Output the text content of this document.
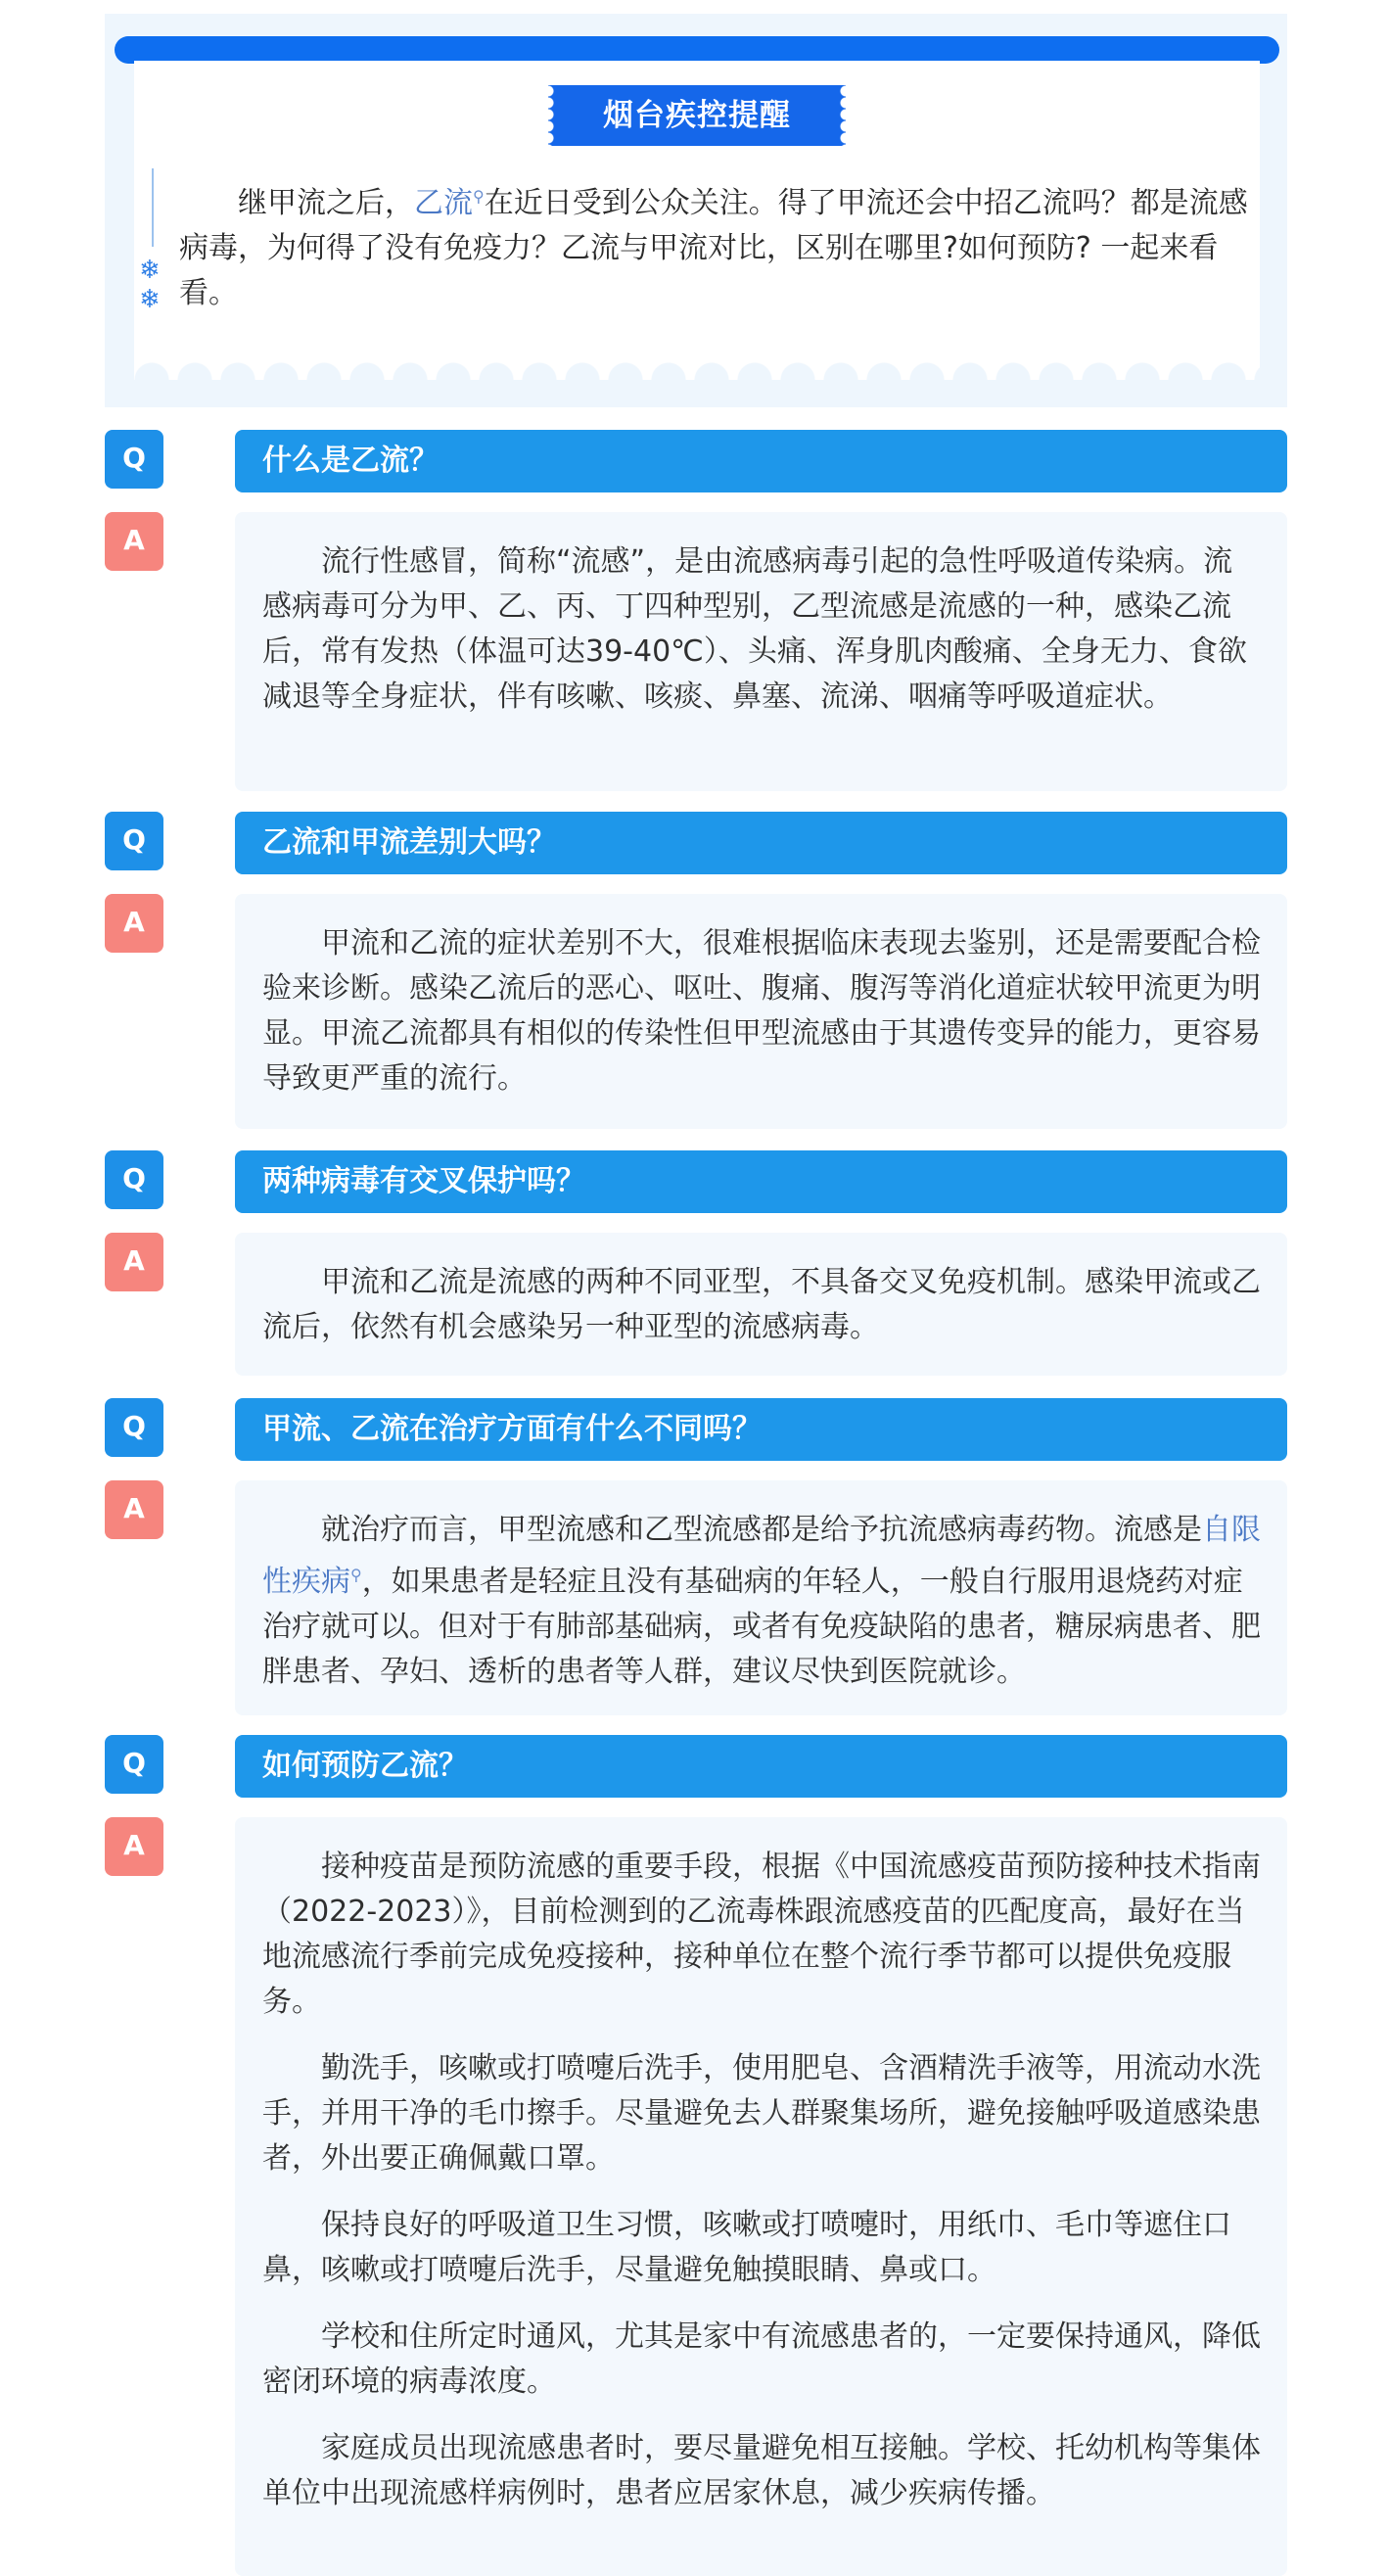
烟台疾控提醒
❄
❄
继甲流之后，乙流⚲在近日受到公众关注。得了甲流还会中招乙流吗？都是流感病毒，为何得了没有免疫力？乙流与甲流对比，区别在哪里?如何预防? 一起来看看。
Q	什么是乙流？
A

流行性感冒，简称“流感”，是由流感病毒引起的急性呼吸道传染病。流感病毒可分为甲、乙、丙、丁四种型别，乙型流感是流感的一种，感染乙流后，常有发热（体温可达39-40℃）、头痛、浑身肌肉酸痛、全身无力、食欲减退等全身症状，伴有咳嗽、咳痰、鼻塞、流涕、咽痛等呼吸道症状。

Q	乙流和甲流差别大吗？
A

甲流和乙流的症状差别不大，很难根据临床表现去鉴别，还是需要配合检验来诊断。感染乙流后的恶心、呕吐、腹痛、腹泻等消化道症状较甲流更为明显。甲流乙流都具有相似的传染性但甲型流感由于其遗传变异的能力，更容易导致更严重的流行。

Q	两种病毒有交叉保护吗？
A

甲流和乙流是流感的两种不同亚型，不具备交叉免疫机制。感染甲流或乙流后，依然有机会感染另一种亚型的流感病毒。

Q	甲流、乙流在治疗方面有什么不同吗？
A

就治疗而言，甲型流感和乙型流感都是给予抗流感病毒药物。流感是自限性疾病⚲，如果患者是轻症且没有基础病的年轻人，一般自行服用退烧药对症治疗就可以。但对于有肺部基础病，或者有免疫缺陷的患者，糖尿病患者、肥胖患者、孕妇、透析的患者等人群，建议尽快到医院就诊。

Q	如何预防乙流？
A

接种疫苗是预防流感的重要手段，根据《中国流感疫苗预防接种技术指南（2022-2023）》，目前检测到的乙流毒株跟流感疫苗的匹配度高，最好在当地流感流行季前完成免疫接种，接种单位在整个流行季节都可以提供免疫服务。

勤洗手，咳嗽或打喷嚏后洗手，使用肥皂、含酒精洗手液等，用流动水洗手，并用干净的毛巾擦手。尽量避免去人群聚集场所，避免接触呼吸道感染患者，外出要正确佩戴口罩。

保持良好的呼吸道卫生习惯，咳嗽或打喷嚏时，用纸巾、毛巾等遮住口鼻，咳嗽或打喷嚏后洗手，尽量避免触摸眼睛、鼻或口。

学校和住所定时通风，尤其是家中有流感患者的，一定要保持通风，降低密闭环境的病毒浓度。

家庭成员出现流感患者时，要尽量避免相互接触。学校、托幼机构等集体单位中出现流感样病例时，患者应居家休息，减少疾病传播。
